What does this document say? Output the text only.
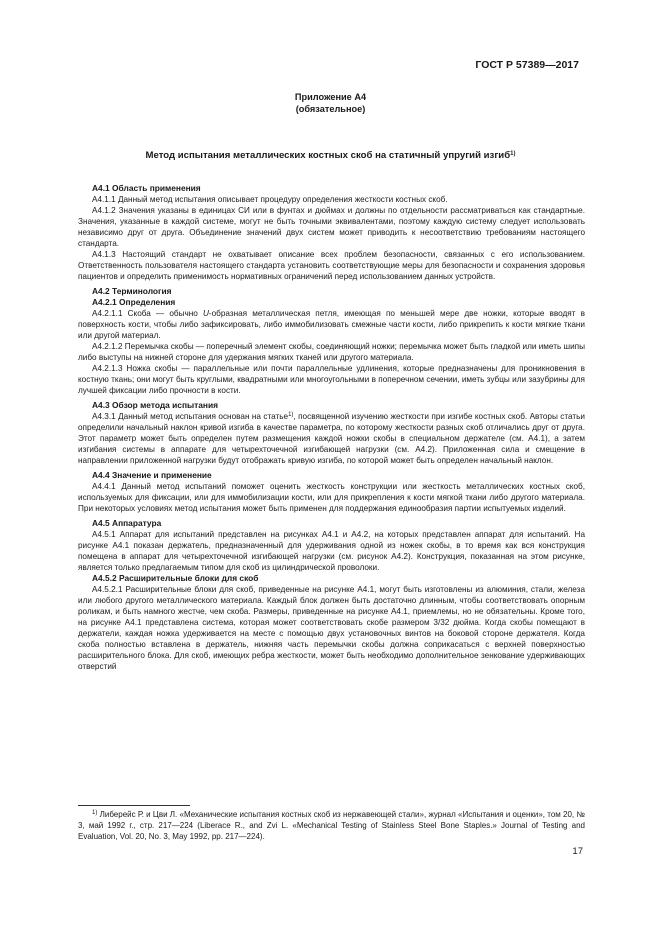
ГОСТ Р 57389—2017
Приложение А4
(обязательное)
Метод испытания металлических костных скоб на статичный упругий изгиб$^{1)}$
А4.1 Область применения

А4.1.1 Данный метод испытания описывает процедуру определения жесткости костных скоб.

А4.1.2 Значения указаны в единицах СИ или в фунтах и дюймах и должны по отдельности рассматриваться как стандартные. Значения, указанные в каждой системе, могут не быть точными эквивалентами, поэтому каждую систему следует использовать независимо друг от друга. Объединение значений двух систем может приводить к несоответствию требованиям настоящего стандарта.

А4.1.3 Настоящий стандарт не охватывает описание всех проблем безопасности, связанных с его использованием. Ответственность пользователя настоящего стандарта установить соответствующие меры для безопасности и сохранения здоровья пациентов и определить применимость нормативных ограничений перед использованием данных устройств.

А4.2 Терминология
А4.2.1 Определения

А4.2.1.1 Скоба — обычно U-образная металлическая петля, имеющая по меньшей мере две ножки, которые вводят в поверхность кости, чтобы либо зафиксировать, либо иммобилизовать смежные части кости, либо прикрепить к кости мягкие ткани или другой материал.

А4.2.1.2 Перемычка скобы — поперечный элемент скобы, соединяющий ножки; перемычка может быть гладкой или иметь шипы либо выступы на нижней стороне для удержания мягких тканей или другого материала.

А4.2.1.3 Ножка скобы — параллельные или почти параллельные удлинения, которые предназначены для проникновения в костную ткань; они могут быть круглыми, квадратными или многоугольными в поперечном сечении, иметь зубцы или зазубрины для лучшей фиксации либо прочности в кости.

А4.3 Обзор метода испытания

А4.3.1 Данный метод испытания основан на статье$^{1)}$, посвященной изучению жесткости при изгибе костных скоб. Авторы статьи определили начальный наклон кривой изгиба в качестве параметра, по которому жесткости разных скоб отличались друг от друга. Этот параметр может быть определен путем размещения каждой ножки скобы в специальном держателе (см. А4.1), а затем изгибания системы в аппарате для четырехточечной изгибающей нагрузки (см. А4.2). Приложенная сила и смещение в направлении приложенной нагрузки будут отображать кривую изгиба, по которой может быть определен начальный наклон.

А4.4 Значение и применение

А4.4.1 Данный метод испытаний поможет оценить жесткость конструкции или жесткость металлических костных скоб, используемых для фиксации, или для иммобилизации кости, или для прикрепления к кости мягкой ткани либо другого материала. При некоторых условиях метод испытания может быть применен для поддержания единообразия партии испытуемых изделий.

А4.5 Аппаратура

А4.5.1 Аппарат для испытаний представлен на рисунках А4.1 и А4.2, на которых представлен аппарат для испытаний. На рисунке А4.1 показан держатель, предназначенный для удерживания одной из ножек скобы, в то время как вся конструкция помещена в аппарат для четырехточечной изгибающей нагрузки (см. рисунок А4.2). Конструкция, показанная на этом рисунке, является только предлагаемым типом для скоб из цилиндрической проволоки.

А4.5.2 Расширительные блоки для скоб

А4.5.2.1 Расширительные блоки для скоб, приведенные на рисунке А4.1, могут быть изготовлены из алюминия, стали, железа или любого другого металлического материала. Каждый блок должен быть достаточно длинным, чтобы соответствовать опорным роликам, и быть намного жестче, чем скоба. Размеры, приведенные на рисунке А4.1, приемлемы, но не обязательны. Кроме того, на рисунке А4.1 представлена система, которая может соответствовать скобе размером 3/32 дюйма. Когда скобы помещают в держатели, каждая ножка удерживается на месте с помощью двух установочных винтов на боковой стороне держателя. Когда скоба полностью вставлена в держатель, нижняя часть перемычки скобы должна соприкасаться с верхней поверхностью расширительного блока. Для скоб, имеющих ребра жесткости, может быть необходимо дополнительное зенкование удерживающих отверстий

$^{1)}$ Либерейс Р. и Цви Л. «Механические испытания костных скоб из нержавеющей стали», журнал «Испытания и оценки», том 20, № 3, май 1992 г., стр. 217—224 (Liberace R., and Zvi L. «Mechanical Testing of Stainless Steel Bone Staples.» Journal of Testing and Evaluation, Vol. 20, No. 3, May 1992, pp. 217—224).

17
